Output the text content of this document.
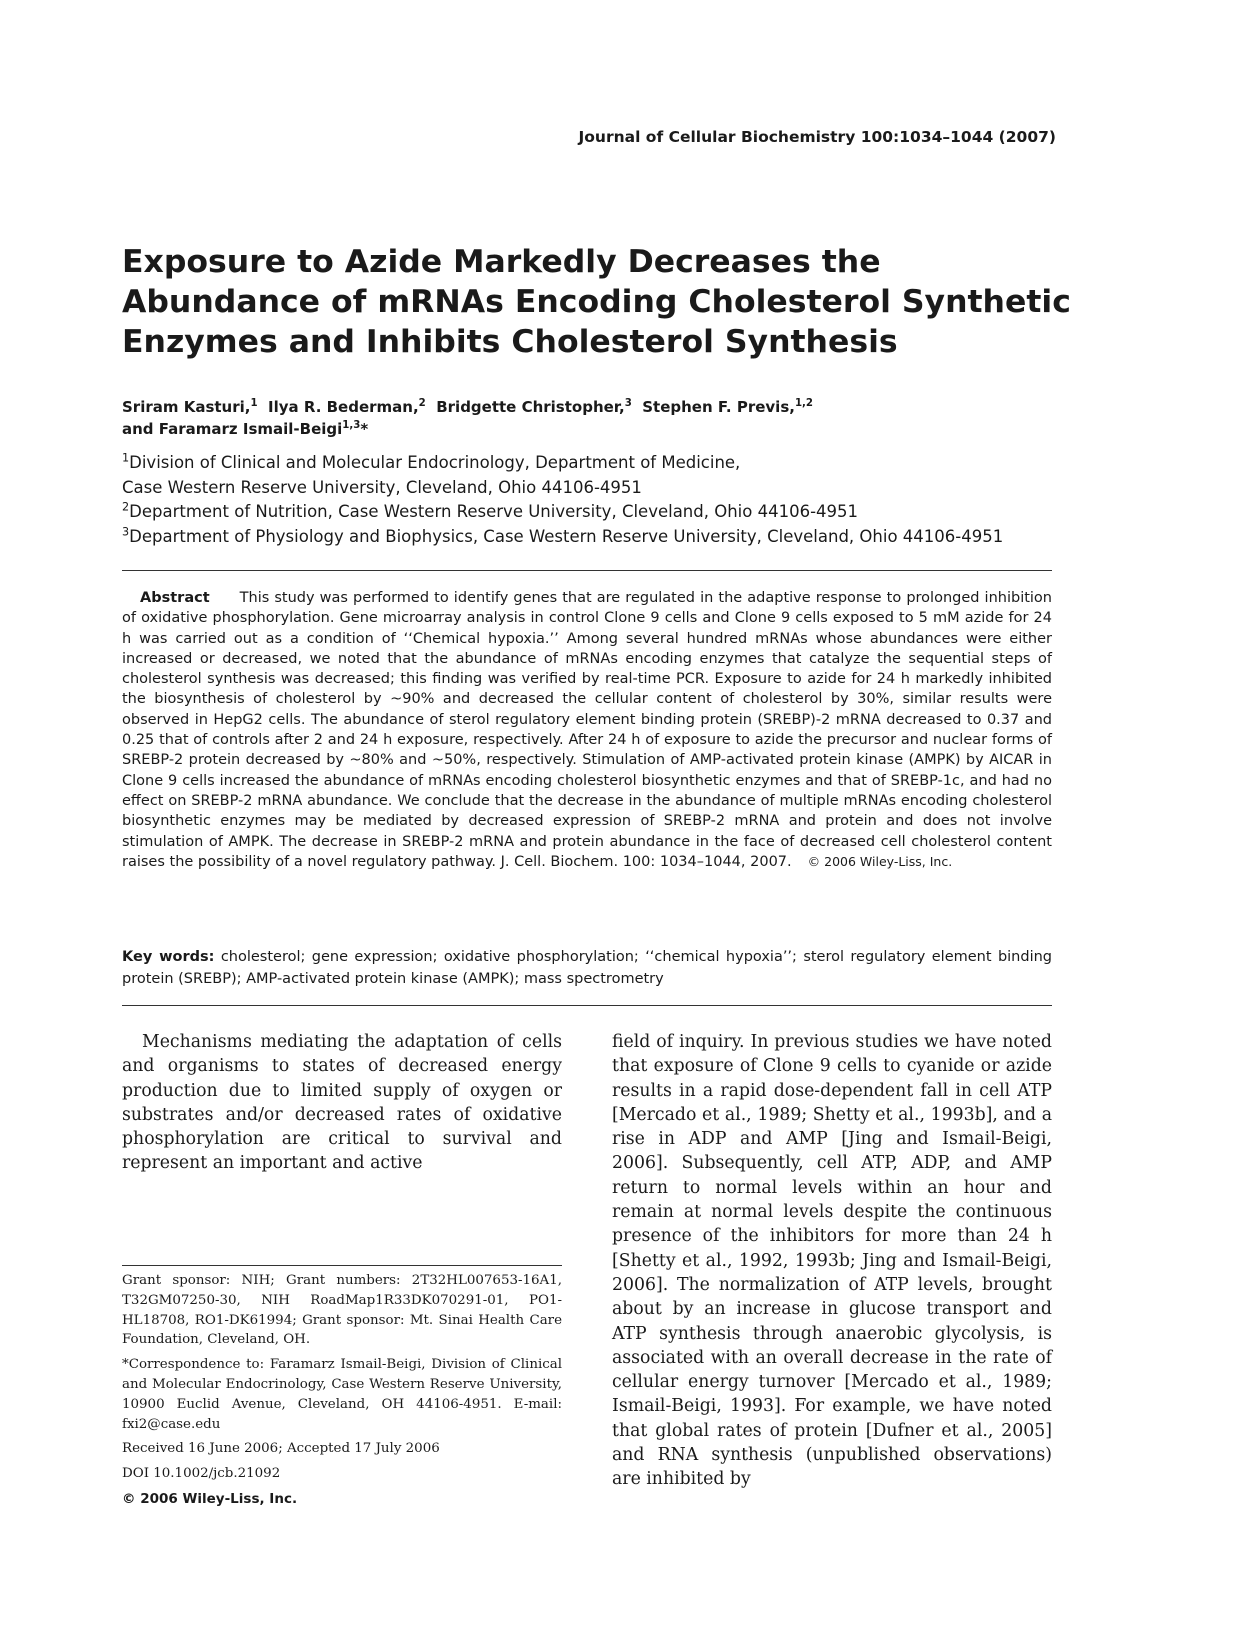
Journal of Cellular Biochemistry 100:1034–1044 (2007)
Exposure to Azide Markedly Decreases the Abundance of mRNAs Encoding Cholesterol Synthetic Enzymes and Inhibits Cholesterol Synthesis
Sriram Kasturi,$^1$ Ilya R. Bederman,$^2$ Bridgette Christopher,$^3$ Stephen F. Previs,$^{1,2}$
and Faramarz Ismail-Beigi$^{1,3}$*
$^1$Division of Clinical and Molecular Endocrinology, Department of Medicine,
Case Western Reserve University, Cleveland, Ohio 44106-4951
$^2$Department of Nutrition, Case Western Reserve University, Cleveland, Ohio 44106-4951
$^3$Department of Physiology and Biophysics, Case Western Reserve University, Cleveland, Ohio 44106-4951

Abstract This study was performed to identify genes that are regulated in the adaptive response to prolonged inhibition of oxidative phosphorylation. Gene microarray analysis in control Clone 9 cells and Clone 9 cells exposed to 5 mM azide for 24 h was carried out as a condition of ‘‘Chemical hypoxia.’’ Among several hundred mRNAs whose abundances were either increased or decreased, we noted that the abundance of mRNAs encoding enzymes that catalyze the sequential steps of cholesterol synthesis was decreased; this finding was verified by real-time PCR. Exposure to azide for 24 h markedly inhibited the biosynthesis of cholesterol by ~90% and decreased the cellular content of cholesterol by 30%, similar results were observed in HepG2 cells. The abundance of sterol regulatory element binding protein (SREBP)-2 mRNA decreased to 0.37 and 0.25 that of controls after 2 and 24 h exposure, respectively. After 24 h of exposure to azide the precursor and nuclear forms of SREBP-2 protein decreased by ~80% and ~50%, respectively. Stimulation of AMP-activated protein kinase (AMPK) by AICAR in Clone 9 cells increased the abundance of mRNAs encoding cholesterol biosynthetic enzymes and that of SREBP-1c, and had no effect on SREBP-2 mRNA abundance. We conclude that the decrease in the abundance of multiple mRNAs encoding cholesterol biosynthetic enzymes may be mediated by decreased expression of SREBP-2 mRNA and protein and does not involve stimulation of AMPK. The decrease in SREBP-2 mRNA and protein abundance in the face of decreased cell cholesterol content raises the possibility of a novel regulatory pathway. J. Cell. Biochem. 100: 1034–1044, 2007. © 2006 Wiley-Liss, Inc.

Key words: cholesterol; gene expression; oxidative phosphorylation; ‘‘chemical hypoxia’’; sterol regulatory element binding protein (SREBP); AMP-activated protein kinase (AMPK); mass spectrometry

Mechanisms mediating the adaptation of cells and organisms to states of decreased energy production due to limited supply of oxygen or substrates and/or decreased rates of oxidative phosphorylation are critical to survival and represent an important and active

field of inquiry. In previous studies we have noted that exposure of Clone 9 cells to cyanide or azide results in a rapid dose-dependent fall in cell ATP [Mercado et al., 1989; Shetty et al., 1993b], and a rise in ADP and AMP [Jing and Ismail-Beigi, 2006]. Subsequently, cell ATP, ADP, and AMP return to normal levels within an hour and remain at normal levels despite the continuous presence of the inhibitors for more than 24 h [Shetty et al., 1992, 1993b; Jing and Ismail-Beigi, 2006]. The normalization of ATP levels, brought about by an increase in glucose transport and ATP synthesis through anaerobic glycolysis, is associated with an overall decrease in the rate of cellular energy turnover [Mercado et al., 1989; Ismail-Beigi, 1993]. For example, we have noted that global rates of protein [Dufner et al., 2005] and RNA synthesis (unpublished observations) are inhibited by

Grant sponsor: NIH; Grant numbers: 2T32HL007653-16A1, T32GM07250-30, NIH RoadMap1R33DK070291-01, PO1-HL18708, RO1-DK61994; Grant sponsor: Mt. Sinai Health Care Foundation, Cleveland, OH.

*Correspondence to: Faramarz Ismail-Beigi, Division of Clinical and Molecular Endocrinology, Case Western Reserve University, 10900 Euclid Avenue, Cleveland, OH 44106-4951. E-mail: fxi2@case.edu

Received 16 June 2006; Accepted 17 July 2006

DOI 10.1002/jcb.21092

© 2006 Wiley-Liss, Inc.
